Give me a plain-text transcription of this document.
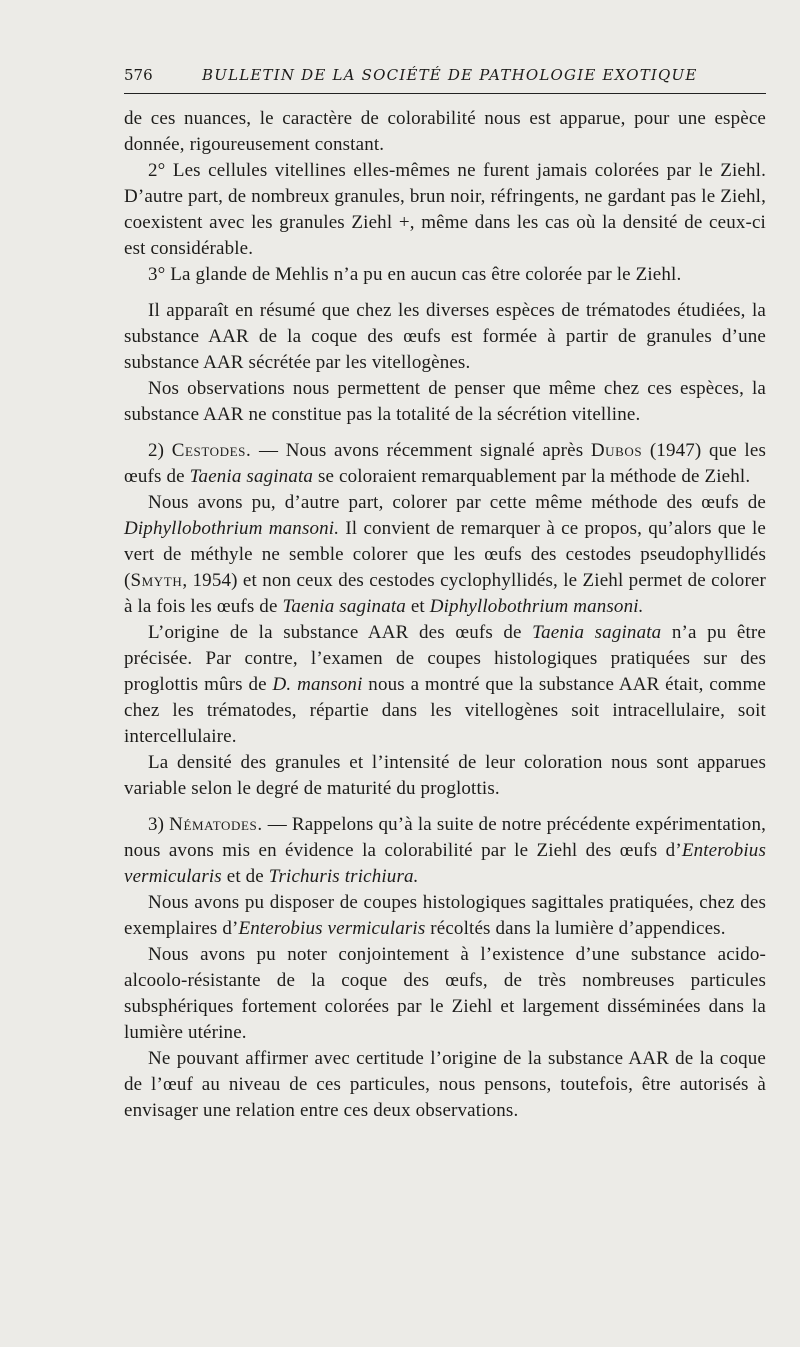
576	BULLETIN DE LA SOCIÉTÉ DE PATHOLOGIE EXOTIQUE

de ces nuances, le caractère de colorabilité nous est apparue, pour une espèce donnée, rigoureusement constant.

2° Les cellules vitellines elles-mêmes ne furent jamais colorées par le Ziehl. D’autre part, de nombreux granules, brun noir, réfringents, ne gardant pas le Ziehl, coexistent avec les granules Ziehl +, même dans les cas où la densité de ceux-ci est considérable.

3° La glande de Mehlis n’a pu en aucun cas être colorée par le Ziehl.

Il apparaît en résumé que chez les diverses espèces de trématodes étudiées, la substance AAR de la coque des œufs est formée à partir de granules d’une substance AAR sécrétée par les vitellogènes.

Nos observations nous permettent de penser que même chez ces espèces, la substance AAR ne constitue pas la totalité de la sécrétion vitelline.

2) Cestodes. — Nous avons récemment signalé après Dubos (1947) que les œufs de Taenia saginata se coloraient remarquablement par la méthode de Ziehl.

Nous avons pu, d’autre part, colorer par cette même méthode des œufs de Diphyllobothrium mansoni. Il convient de remarquer à ce propos, qu’alors que le vert de méthyle ne semble colorer que les œufs des cestodes pseudophyllidés (Smyth, 1954) et non ceux des cestodes cyclophyllidés, le Ziehl permet de colorer à la fois les œufs de Taenia saginata et Diphyllobothrium mansoni.

L’origine de la substance AAR des œufs de Taenia saginata n’a pu être précisée. Par contre, l’examen de coupes histologiques pratiquées sur des proglottis mûrs de D. mansoni nous a montré que la substance AAR était, comme chez les trématodes, répartie dans les vitellogènes soit intracellulaire, soit intercellulaire.

La densité des granules et l’intensité de leur coloration nous sont apparues variable selon le degré de maturité du proglottis.

3) Nématodes. — Rappelons qu’à la suite de notre précédente expérimentation, nous avons mis en évidence la colorabilité par le Ziehl des œufs d’Enterobius vermicularis et de Trichuris trichiura.

Nous avons pu disposer de coupes histologiques sagittales pratiquées, chez des exemplaires d’Enterobius vermicularis récoltés dans la lumière d’appendices.

Nous avons pu noter conjointement à l’existence d’une substance acido-alcoolo-résistante de la coque des œufs, de très nombreuses particules subsphériques fortement colorées par le Ziehl et largement disséminées dans la lumière utérine.

Ne pouvant affirmer avec certitude l’origine de la substance AAR de la coque de l’œuf au niveau de ces particules, nous pensons, toutefois, être autorisés à envisager une relation entre ces deux observations.
